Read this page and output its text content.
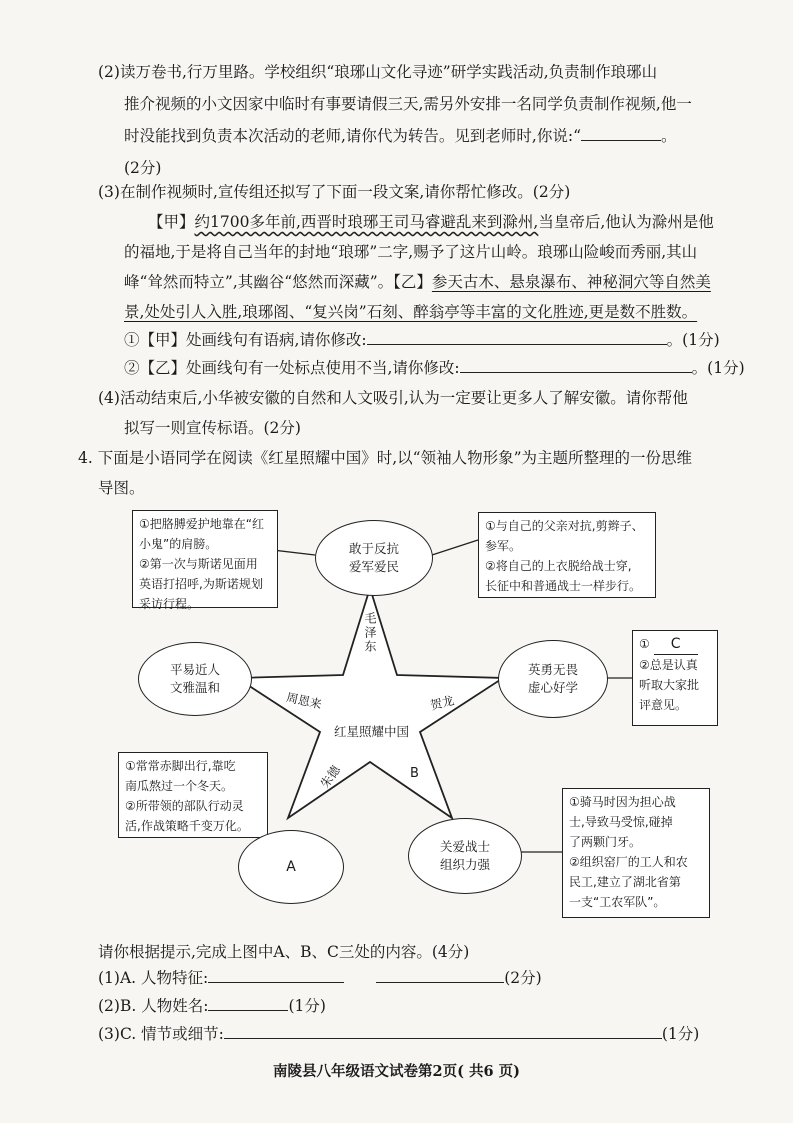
(2)读万卷书,行万里路。学校组织“琅琊山文化寻迹”研学实践活动,负责制作琅琊山
推介视频的小文因家中临时有事要请假三天,需另外安排一名同学负责制作视频,他一
时没能找到负责本次活动的老师,请你代为转告。见到老师时,你说:“	。
(2分)
(3)在制作视频时,宣传组还拟写了下面一段文案,请你帮忙修改。(2分)
【甲】约1700多年前,西晋时琅琊王司马睿避乱来到滁州,当皇帝后,他认为滁州是他
的福地,于是将自己当年的封地“琅琊”二字,赐予了这片山岭。琅琊山险峻而秀丽,其山
峰“耸然而特立”,其幽谷“悠然而深藏”。【乙】参天古木、悬泉瀑布、神秘洞穴等自然美
景,处处引人入胜,琅琊阁、“复兴岗”石刻、醉翁亭等丰富的文化胜迹,更是数不胜数。
①【甲】处画线句有语病,请你修改:	。(1分)
②【乙】处画线句有一处标点使用不当,请你修改:	。(1分)
(4)活动结束后,小华被安徽的自然和人文吸引,认为一定要让更多人了解安徽。请你帮他
拟写一则宣传标语。(2分)
4. 下面是小语同学在阅读《红星照耀中国》时,以“领袖人物形象”为主题所整理的一份思维
导图。
①把胳膊爱护地靠在“红
小鬼”的肩膀。
②第一次与斯诺见面用
英语打招呼,为斯诺规划
采访行程。
①与自己的父亲对抗,剪辫子、
参军。
②将自己的上衣脱给战士穿,
长征中和普通战士一样步行。
① C
②总是认真
听取大家批
评意见。
①常常赤脚出行,靠吃
南瓜熬过一个冬天。
②所带领的部队行动灵
活,作战策略千变万化。
①骑马时因为担心战
士,导致马受惊,碰掉
了两颗门牙。
②组织窑厂的工人和农
民工,建立了湖北省第
一支“工农军队”。
敢于反抗
爱军爱民
平易近人
文雅温和
英勇无畏
虚心好学
A
关爱战士
组织力强
毛泽东
周恩来	贺龙
红星照耀中国
朱德	B
请你根据提示,完成上图中A、B、C三处的内容。(4分)
(1)A. 人物特征:	(2分)
(2)B. 人物姓名:	(1分)
(3)C. 情节或细节:	(1分)
南陵县八年级语文试卷第2页( 共6 页)
